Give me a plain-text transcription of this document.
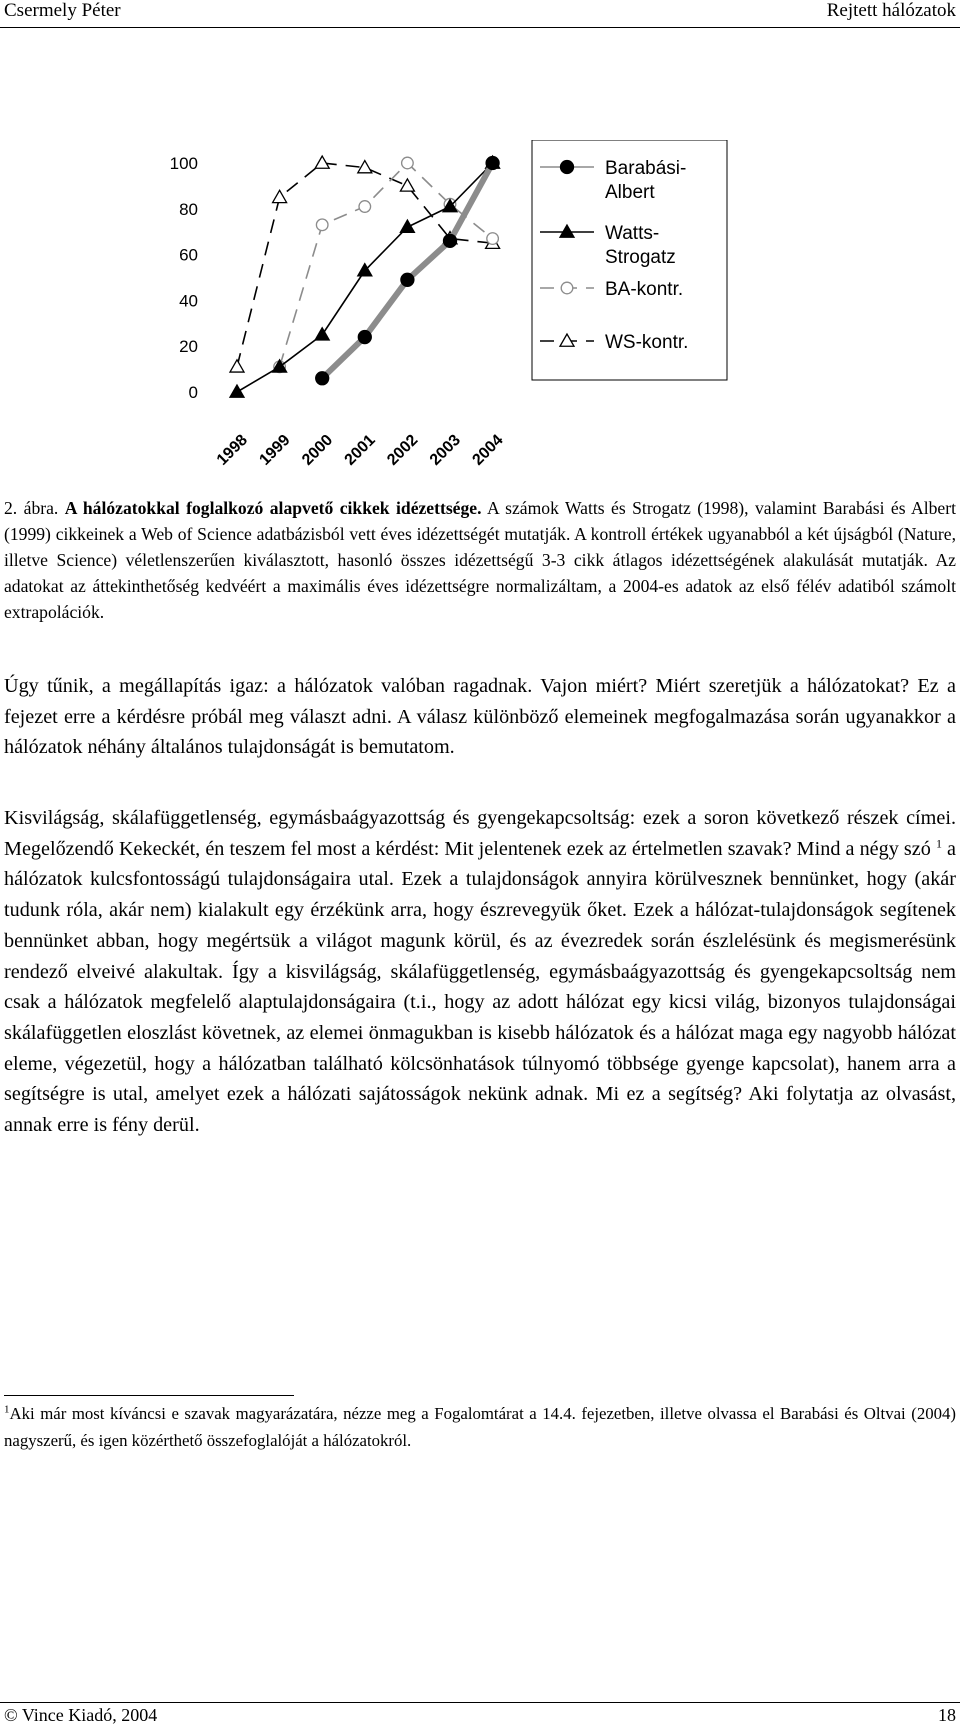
Csermely Péter	Rejtett hálózatok
100
80
60
40
20
0
1998 1999 2000 2001 2002 2003 2004
Barabási-
Albert
Watts-
Strogatz
BA-kontr.
WS-kontr.
2. ábra. A hálózatokkal foglalkozó alapvető cikkek idézettsége. A számok Watts és Strogatz (1998), valamint Barabási és Albert (1999) cikkeinek a Web of Science adatbázisból vett éves idézettségét mutatják. A kontroll értékek ugyanabból a két újságból (Nature, illetve Science) véletlenszerűen kiválasztott, hasonló összes idézettségű 3-3 cikk átlagos idézettségének alakulását mutatják. Az adatokat az áttekinthetőség kedvéért a maximális éves idézettségre normalizáltam, a 2004-es adatok az első félév adatiból számolt extrapolációk.
Úgy tűnik, a megállapítás igaz: a hálózatok valóban ragadnak. Vajon miért? Miért szeretjük a hálózatokat? Ez a fejezet erre a kérdésre próbál meg választ adni. A válasz különböző elemeinek megfogalmazása során ugyanakkor a hálózatok néhány általános tulajdonságát is bemutatom.
Kisvilágság, skálafüggetlenség, egymásbaágyazottság és gyengekapcsoltság: ezek a soron következő részek címei. Megelőzendő Kekeckét, én teszem fel most a kérdést: Mit jelentenek ezek az értelmetlen szavak? Mind a négy szó $^1$ a hálózatok kulcsfontosságú tulajdonságaira utal. Ezek a tulajdonságok annyira körülvesznek bennünket, hogy (akár tudunk róla, akár nem) kialakult egy érzékünk arra, hogy észrevegyük őket. Ezek a hálózat-tulajdonságok segítenek bennünket abban, hogy megértsük a világot magunk körül, és az évezredek során észlelésünk és megismerésünk rendező elveivé alakultak. Így a kisvilágság, skálafüggetlenség, egymásbaágyazottság és gyengekapcsoltság nem csak a hálózatok megfelelő alaptulajdonságaira (t.i., hogy az adott hálózat egy kicsi világ, bizonyos tulajdonságai skálafüggetlen eloszlást követnek, az elemei önmagukban is kisebb hálózatok és a hálózat maga egy nagyobb hálózat eleme, végezetül, hogy a hálózatban található kölcsönhatások túlnyomó többsége gyenge kapcsolat), hanem arra a segítségre is utal, amelyet ezek a hálózati sajátosságok nekünk adnak. Mi ez a segítség? Aki folytatja az olvasást, annak erre is fény derül.
$^1$Aki már most kíváncsi e szavak magyarázatára, nézze meg a Fogalomtárat a 14.4. fejezetben, illetve olvassa el Barabási és Oltvai (2004) nagyszerű, és igen közérthető összefoglalóját a hálózatokról.
© Vince Kiadó, 2004	18
